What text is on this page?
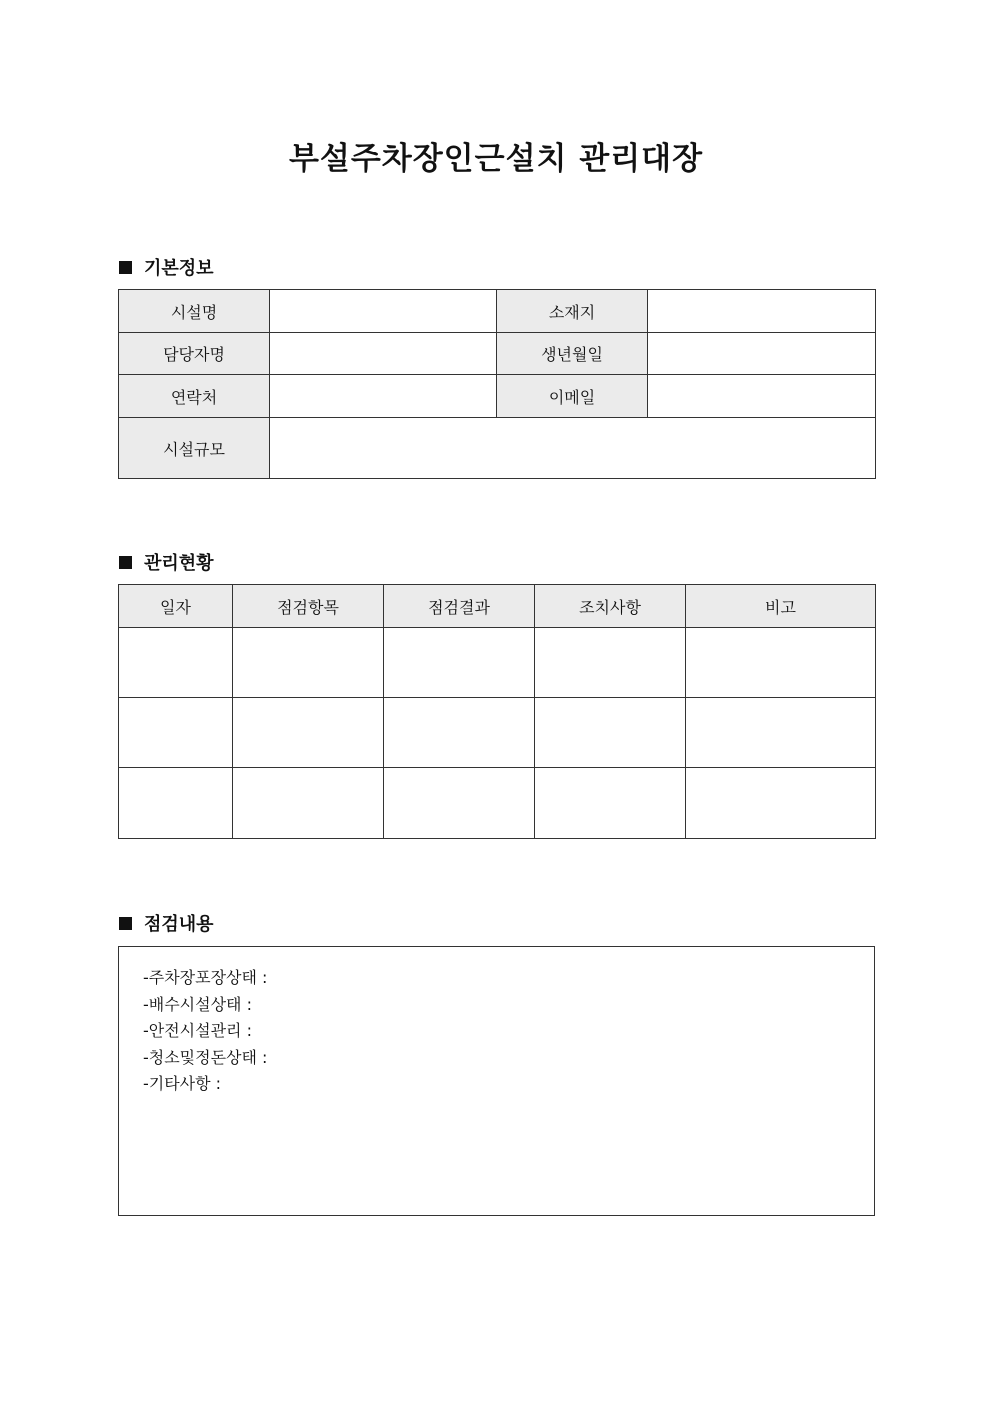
부설주차장인근설치 관리대장
기본정보
시설명		소재지	
담당자명		생년월일	
연락처		이메일	
시설규모			
관리현황
일자	점검항목	점검결과	조치사항	비고

점검내용
-주차장포장상태 :
-배수시설상태 :
-안전시설관리 :
-청소및정돈상태 :
-기타사항 :
